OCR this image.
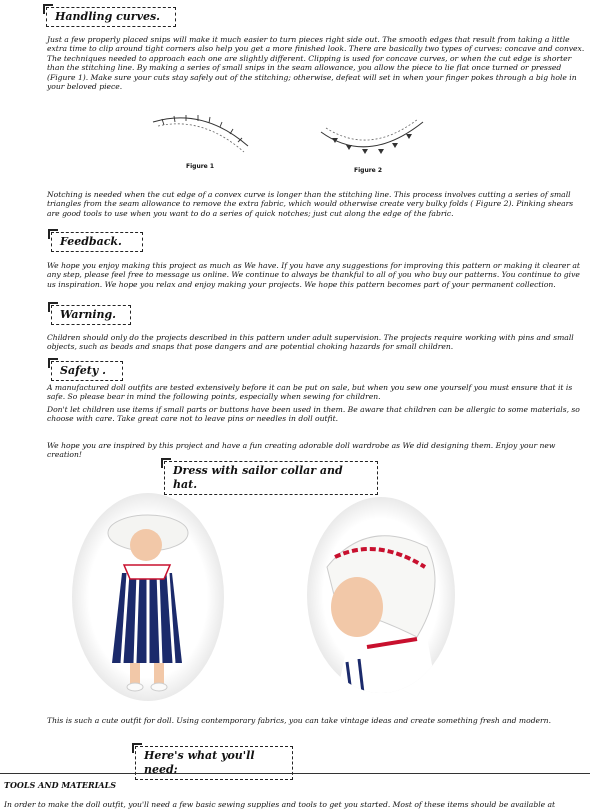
Handling curves.

Just a few properly placed snips will make it much easier to turn pieces right side out. The smooth edges that result from taking a little extra time to clip around tight corners also help you get a more finished look. There are basically two types of curves: concave and convex. The techniques needed to approach each one are slightly different. Clipping is used for concave curves, or when the cut edge is shorter than the stitching line. By making a series of small snips in the seam allowance, you allow the piece to lie flat once turned or pressed (Figure 1). Make sure your cuts stay safely out of the stitching; otherwise, defeat will set in when your finger pokes through a big hole in your beloved piece.

Figure 1
Figure 2

Notching is needed when the cut edge of a convex curve is longer than the stitching line. This process involves cutting a series of small triangles from the seam allowance to remove the extra fabric, which would otherwise create very bulky folds ( Figure 2). Pinking shears are good tools to use when you want to do a series of quick notches; just cut along the edge of the fabric.

Feedback.

We hope you enjoy making this project as much as We have. If you have any suggestions for improving this pattern or making it clearer at any step, please feel free to message us online. We continue to always be thankful to all of you who buy our patterns. You continue to give us inspiration. We hope you relax and enjoy making your projects. We hope this pattern becomes part of your permanent collection.

Warning.

Children should only do the projects described in this pattern under adult supervision. The projects require working with pins and small objects, such as beads and snaps that pose dangers and are potential choking hazards for small children.

Safety .

A manufactured doll outfits are tested extensively before it can be put on sale, but when you sew one yourself you must ensure that it is safe. So please bear in mind the following points, especially when sewing for children.

Don't let children use items if small parts or buttons have been used in them. Be aware that children can be allergic to some materials, so choose with care. Take great care not to leave pins or needles in doll outfit.

We hope you are inspired by this project and have a fun creating adorable doll wardrobe as We did designing them. Enjoy your new creation!

Dress with sailor collar and hat.

This is such a cute outfit for doll. Using contemporary fabrics, you can take vintage ideas and create something fresh and modern.

Here's what you'll need:
TOOLS AND MATERIALS
In order to make the doll outfit, you'll need a few basic sewing supplies and tools to get you started. Most of these items should be available at
